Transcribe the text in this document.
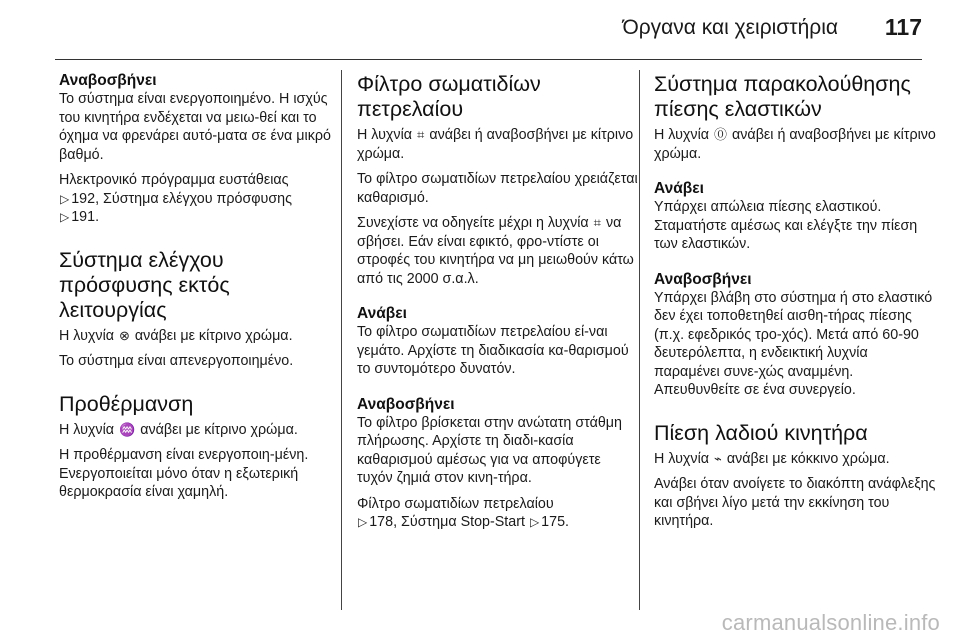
Όργανα και χειριστήρια 117
Αναβοσβήνει

Το σύστημα είναι ενεργοποιημένο. Η ισχύς του κινητήρα ενδέχεται να μειω-θεί και το όχημα να φρενάρει αυτό-ματα σε ένα μικρό βαθμό.

Ηλεκτρονικό πρόγραμμα ευστάθειας
▷ 192, Σύστημα ελέγχου πρόσφυσης
▷ 191.

Σύστημα ελέγχου πρόσφυσης εκτός λειτουργίας

Η λυχνία ⊗ ανάβει με κίτρινο χρώμα.

Το σύστημα είναι απενεργοποιημένο.

Προθέρμανση

Η λυχνία ♒ ανάβει με κίτρινο χρώμα.

Η προθέρμανση είναι ενεργοποιη-μένη. Ενεργοποιείται μόνο όταν η εξωτερική θερμοκρασία είναι χαμηλή.

Φίλτρο σωματιδίων πετρελαίου

Η λυχνία ⌗ ανάβει ή αναβοσβήνει με κίτρινο χρώμα.

Το φίλτρο σωματιδίων πετρελαίου χρειάζεται καθαρισμό.

Συνεχίστε να οδηγείτε μέχρι η λυχνία ⌗ να σβήσει. Εάν είναι εφικτό, φρο-ντίστε οι στροφές του κινητήρα να μη μειωθούν κάτω από τις 2000 σ.α.λ.

Ανάβει

Το φίλτρο σωματιδίων πετρελαίου εί-ναι γεμάτο. Αρχίστε τη διαδικασία κα-θαρισμού το συντομότερο δυνατόν.

Αναβοσβήνει

Το φίλτρο βρίσκεται στην ανώτατη στάθμη πλήρωσης. Αρχίστε τη διαδι-κασία καθαρισμού αμέσως για να αποφύγετε τυχόν ζημιά στον κινη-τήρα.

Φίλτρο σωματιδίων πετρελαίου
▷ 178, Σύστημα Stop-Start ▷ 175.

Σύστημα παρακολούθησης πίεσης ελαστικών

Η λυχνία ⓪ ανάβει ή αναβοσβήνει με κίτρινο χρώμα.

Ανάβει

Υπάρχει απώλεια πίεσης ελαστικού. Σταματήστε αμέσως και ελέγξτε την πίεση των ελαστικών.

Αναβοσβήνει

Υπάρχει βλάβη στο σύστημα ή στο ελαστικό δεν έχει τοποθετηθεί αισθη-τήρας πίεσης (π.χ. εφεδρικός τρο-χός). Μετά από 60-90 δευτερόλεπτα, η ενδεικτική λυχνία παραμένει συνε-χώς αναμμένη. Απευθυνθείτε σε ένα συνεργείο.

Πίεση λαδιού κινητήρα

Η λυχνία ⌁ ανάβει με κόκκινο χρώμα.

Ανάβει όταν ανοίγετε το διακόπτη ανάφλεξης και σβήνει λίγο μετά την εκκίνηση του κινητήρα.

carmanualsonline.info
